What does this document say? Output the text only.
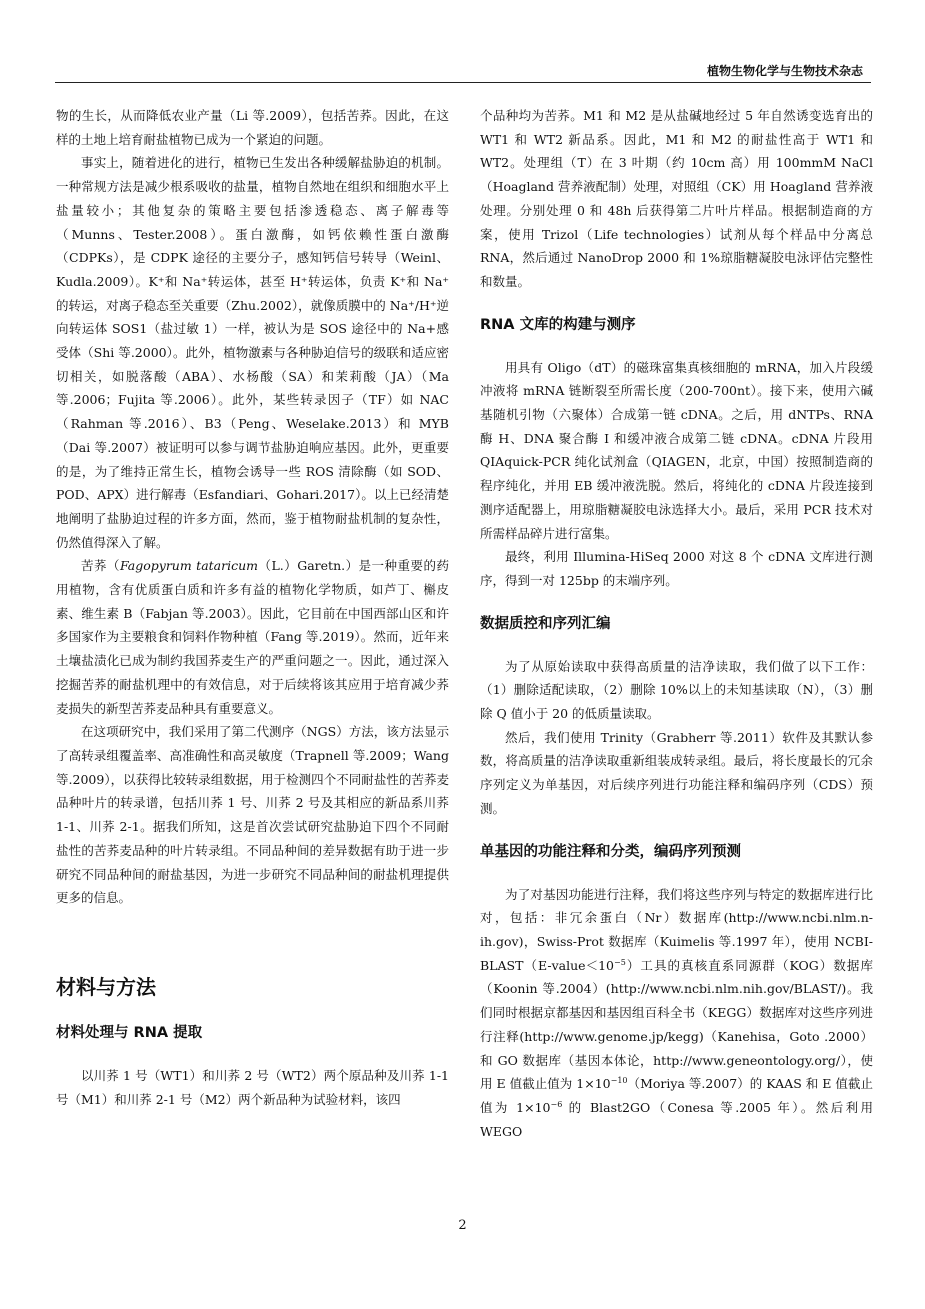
植物生物化学与生物技术杂志

物的生长，从而降低农业产量（Li 等.2009），包括苦荞。因此，在这样的土地上培育耐盐植物已成为一个紧迫的问题。

事实上，随着进化的进行，植物已生发出各种缓解盐胁迫的机制。一种常规方法是减少根系吸收的盐量，植物自然地在组织和细胞水平上盐量较小；其他复杂的策略主要包括渗透稳态、离子解毒等（Munns、Tester.2008）。蛋白激酶，如钙依赖性蛋白激酶（CDPKs），是 CDPK 途径的主要分子，感知钙信号转导（Weinl、Kudla.2009）。K⁺和 Na⁺转运体，甚至 H⁺转运体，负责 K⁺和 Na⁺的转运，对离子稳态至关重要（Zhu.2002），就像质膜中的 Na⁺/H⁺逆向转运体 SOS1（盐过敏 1）一样，被认为是 SOS 途径中的 Na+感受体（Shi 等.2000）。此外，植物激素与各种胁迫信号的级联和适应密切相关，如脱落酸（ABA）、水杨酸（SA）和茉莉酸（JA）（Ma 等.2006；Fujita 等.2006）。此外，某些转录因子（TF）如 NAC（Rahman 等.2016）、B3（Peng、Weselake.2013）和 MYB（Dai 等.2007）被证明可以参与调节盐胁迫响应基因。此外，更重要的是，为了维持正常生长，植物会诱导一些 ROS 清除酶（如 SOD、POD、APX）进行解毒（Esfandiari、Gohari.2017）。以上已经清楚地阐明了盐胁迫过程的许多方面，然而，鉴于植物耐盐机制的复杂性，仍然值得深入了解。

苦荞（Fagopyrum tataricum（L.）Garetn.）是一种重要的药用植物，含有优质蛋白质和许多有益的植物化学物质，如芦丁、槲皮素、维生素 B（Fabjan 等.2003）。因此，它目前在中国西部山区和许多国家作为主要粮食和饲料作物种植（Fang 等.2019）。然而，近年来土壤盐渍化已成为制约我国荞麦生产的严重问题之一。因此，通过深入挖掘苦荞的耐盐机理中的有效信息，对于后续将该其应用于培育减少荞麦损失的新型苦荞麦品种具有重要意义。

在这项研究中，我们采用了第二代测序（NGS）方法，该方法显示了高转录组覆盖率、高准确性和高灵敏度（Trapnell 等.2009；Wang 等.2009），以获得比较转录组数据，用于检测四个不同耐盐性的苦荞麦品种叶片的转录谱，包括川荞 1 号、川荞 2 号及其相应的新品系川荞 1-1、川荞 2-1。据我们所知，这是首次尝试研究盐胁迫下四个不同耐盐性的苦荞麦品种的叶片转录组。不同品种间的差异数据有助于进一步研究不同品种间的耐盐基因，为进一步研究不同品种间的耐盐机理提供更多的信息。

材料与方法
材料处理与 RNA 提取

以川荞 1 号（WT1）和川荞 2 号（WT2）两个原品种及川荞 1-1 号（M1）和川荞 2-1 号（M2）两个新品种为试验材料，该四

个品种均为苦荞。M1 和 M2 是从盐碱地经过 5 年自然诱变选育出的 WT1 和 WT2 新品系。因此，M1 和 M2 的耐盐性高于 WT1 和 WT2。处理组（T）在 3 叶期（约 10cm 高）用 100mmM NaCl（Hoagland 营养液配制）处理，对照组（CK）用 Hoagland 营养液处理。分别处理 0 和 48h 后获得第二片叶片样品。根据制造商的方案，使用 Trizol（Life technologies）试剂从每个样品中分离总 RNA，然后通过 NanoDrop 2000 和 1%琼脂糖凝胶电泳评估完整性和数量。

RNA 文库的构建与测序

用具有 Oligo（dT）的磁珠富集真核细胞的 mRNA，加入片段缓冲液将 mRNA 链断裂至所需长度（200-700nt）。接下来，使用六碱基随机引物（六聚体）合成第一链 cDNA。之后，用 dNTPs、RNA 酶 H、DNA 聚合酶 I 和缓冲液合成第二链 cDNA。cDNA 片段用 QIAquick-PCR 纯化试剂盒（QIAGEN，北京，中国）按照制造商的程序纯化，并用 EB 缓冲液洗脱。然后，将纯化的 cDNA 片段连接到测序适配器上，用琼脂糖凝胶电泳选择大小。最后，采用 PCR 技术对所需样品碎片进行富集。

最终，利用 Illumina-HiSeq 2000 对这 8 个 cDNA 文库进行测序，得到一对 125bp 的末端序列。

数据质控和序列汇编

为了从原始读取中获得高质量的洁净读取，我们做了以下工作：（1）删除适配读取，（2）删除 10%以上的未知基读取（N），（3）删除 Q 值小于 20 的低质量读取。

然后，我们使用 Trinity（Grabherr 等.2011）软件及其默认参数，将高质量的洁净读取重新组装成转录组。最后，将长度最长的冗余序列定义为单基因，对后续序列进行功能注释和编码序列（CDS）预测。

单基因的功能注释和分类，编码序列预测

为了对基因功能进行注释，我们将这些序列与特定的数据库进行比对，包括：非冗余蛋白（Nr）数据库(http://www.ncbi.nlm.n-ih.gov)，Swiss-Prot 数据库（Kuimelis 等.1997 年），使用 NCBI-$BLAST(E-value<10^{-5})$工具的真核直系同源群（KOG）数据库（Koonin 等.2004）(http://www.ncbi.nlm.nih.gov/BLAST/)。我们同时根据京都基因和基因组百科全书（KEGG）数据库对这些序列进行注释(http://www.genome.jp/kegg)（Kanehisa，Goto .2000）和 GO 数据库（基因本体论，http://www.geneontology.org/），使用 E 值截止值为 $1\times 10^{-10}(Moriya$ 等.2007）的 KAAS 和 E 值截止值为 $1\times 10^{-6}$ 的 Blast2GO（Conesa 等.2005 年）。然后利用 WEGO

2
